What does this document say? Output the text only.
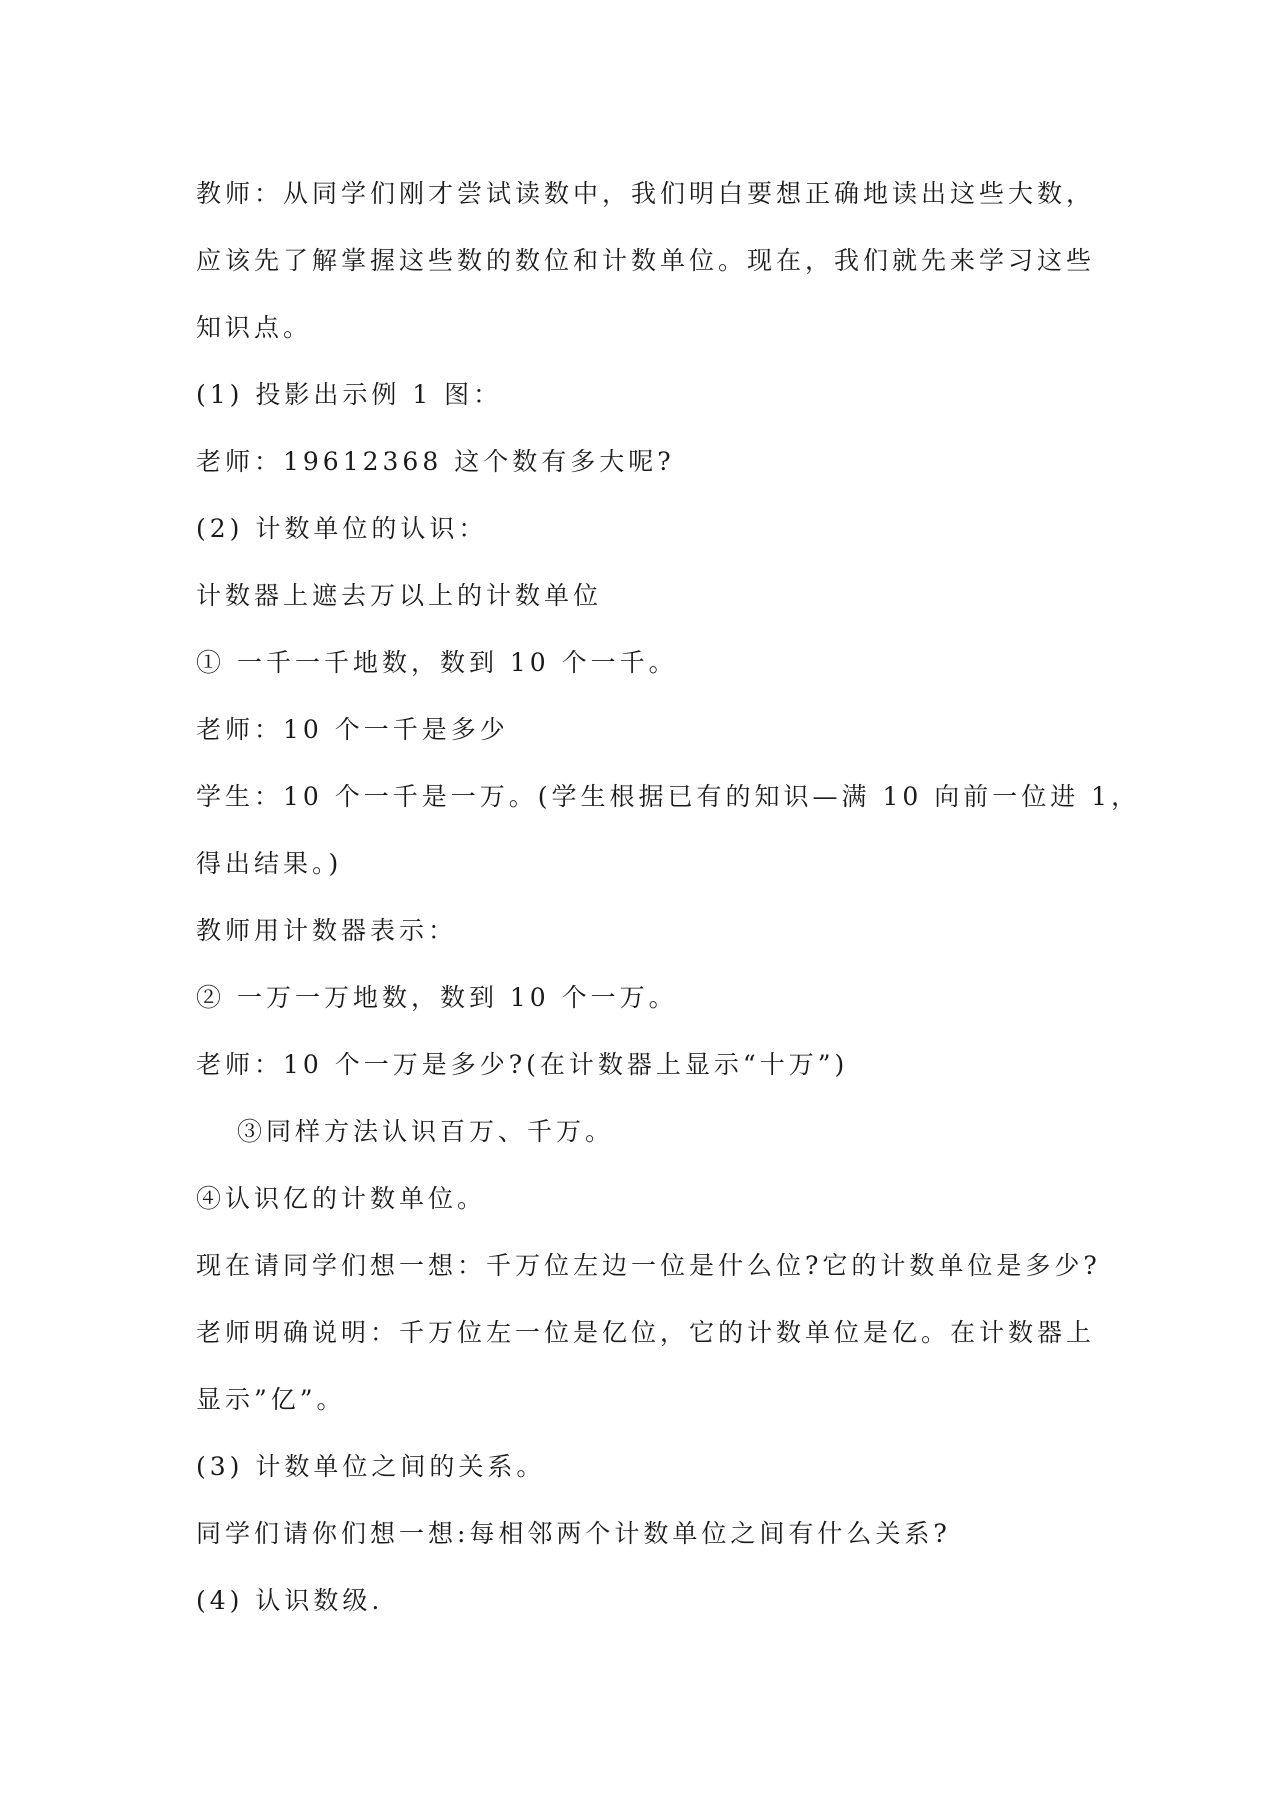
教师：从同学们刚才尝试读数中，我们明白要想正确地读出这些大数，
应该先了解掌握这些数的数位和计数单位。现在，我们就先来学习这些
知识点。
(1) 投影出示例 1 图：
老师：19612368 这个数有多大呢?
(2) 计数单位的认识：
计数器上遮去万以上的计数单位
① 一千一千地数，数到 10 个一千。
老师：10 个一千是多少
学生：10 个一千是一万。(学生根据已有的知识—满 10 向前一位进 1，
得出结果。)
教师用计数器表示：
② 一万一万地数，数到 10 个一万。
老师：10 个一万是多少?(在计数器上显示“十万”)
③同样方法认识百万、千万。
④认识亿的计数单位。
现在请同学们想一想：千万位左边一位是什么位?它的计数单位是多少?
老师明确说明：千万位左一位是亿位，它的计数单位是亿。在计数器上
显示”亿”。
(3) 计数单位之间的关系。
同学们请你们想一想:每相邻两个计数单位之间有什么关系?
(4) 认识数级.
